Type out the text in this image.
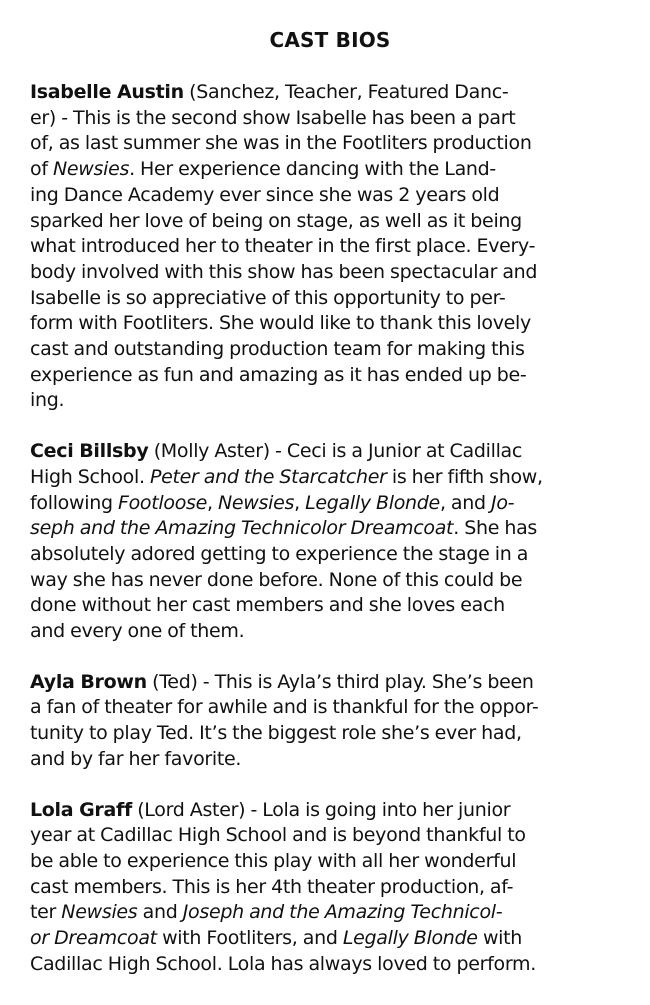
CAST BIOS
Isabelle Austin (Sanchez, Teacher, Featured Danc-
er) - This is the second show Isabelle has been a part
of, as last summer she was in the Footliters production
of Newsies. Her experience dancing with the Land-
ing Dance Academy ever since she was 2 years old
sparked her love of being on stage, as well as it being
what introduced her to theater in the first place. Every-
body involved with this show has been spectacular and
Isabelle is so appreciative of this opportunity to per-
form with Footliters. She would like to thank this lovely
cast and outstanding production team for making this
experience as fun and amazing as it has ended up be-
ing.
Ceci Billsby (Molly Aster) - Ceci is a Junior at Cadillac
High School. Peter and the Starcatcher is her fifth show,
following Footloose, Newsies, Legally Blonde, and Jo-
seph and the Amazing Technicolor Dreamcoat. She has
absolutely adored getting to experience the stage in a
way she has never done before. None of this could be
done without her cast members and she loves each
and every one of them.
Ayla Brown (Ted) - This is Ayla’s third play. She’s been
a fan of theater for awhile and is thankful for the oppor-
tunity to play Ted. It’s the biggest role she’s ever had,
and by far her favorite.
Lola Graff (Lord Aster) - Lola is going into her junior
year at Cadillac High School and is beyond thankful to
be able to experience this play with all her wonderful
cast members. This is her 4th theater production, af-
ter Newsies and Joseph and the Amazing Technicol-
or Dreamcoat with Footliters, and Legally Blonde with
Cadillac High School. Lola has always loved to perform.
